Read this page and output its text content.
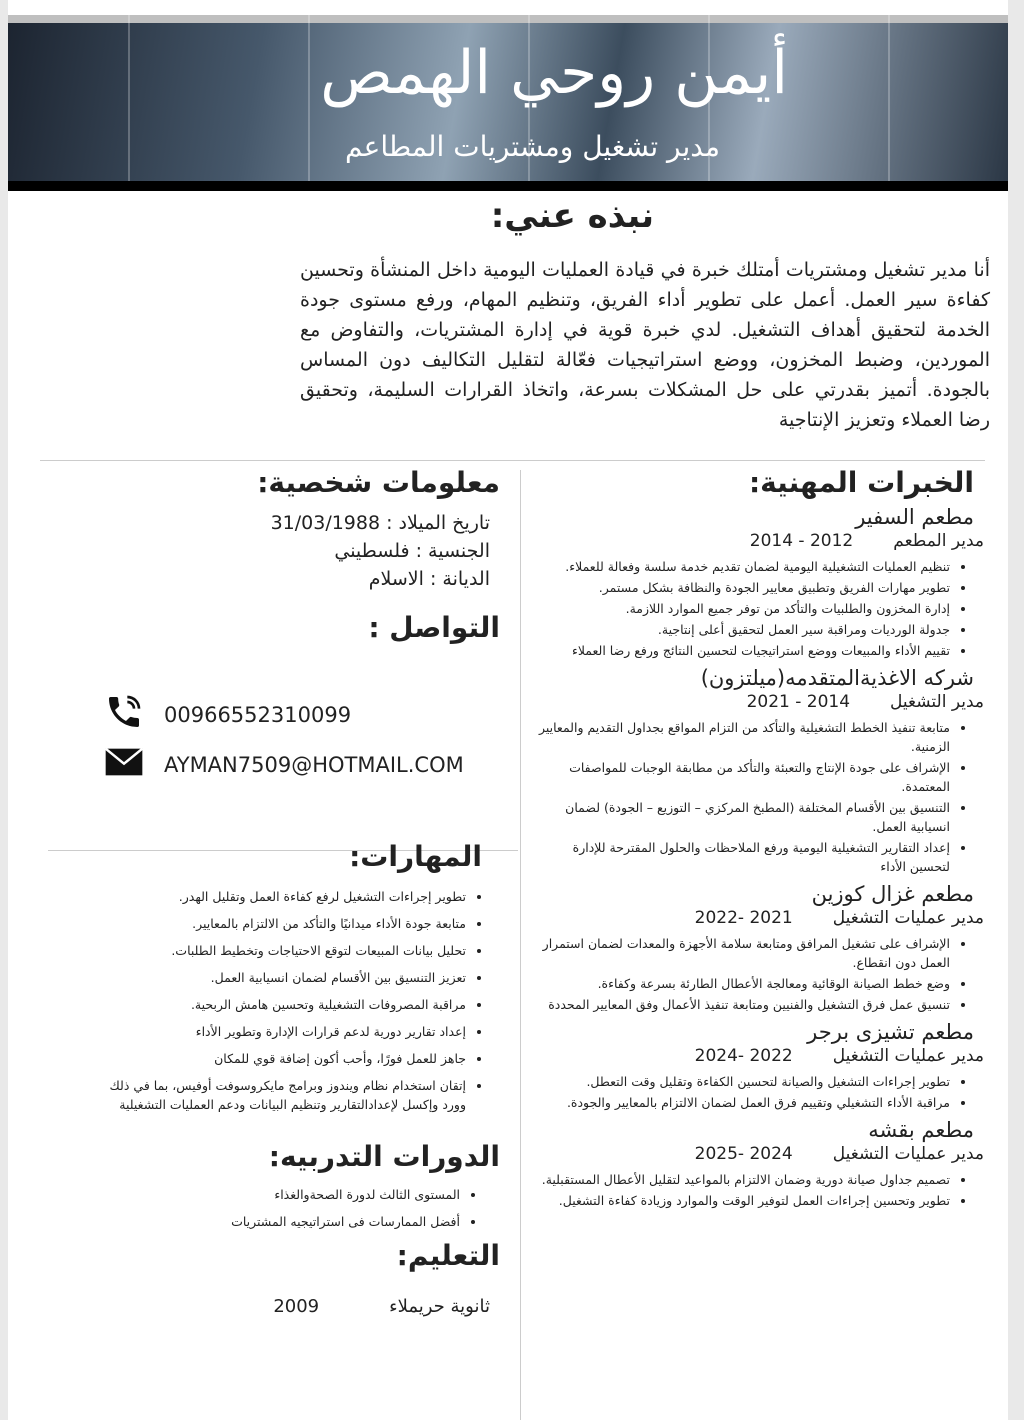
أيمن روحي الهمص
مدير تشغيل ومشتريات المطاعم
نبذه عني:
أنا مدير تشغيل ومشتريات أمتلك خبرة في قيادة العمليات اليومية داخل المنشأة وتحسين كفاءة سير العمل. أعمل على تطوير أداء الفريق، وتنظيم المهام، ورفع مستوى جودة الخدمة لتحقيق أهداف التشغيل. لدي خبرة قوية في إدارة المشتريات، والتفاوض مع الموردين، وضبط المخزون، ووضع استراتيجيات فعّالة لتقليل التكاليف دون المساس بالجودة. أتميز بقدرتي على حل المشكلات بسرعة، واتخاذ القرارات السليمة، وتحقيق رضا العملاء وتعزيز الإنتاجية
الخبرات المهنية:
مطعم السفير
مدير المطعم
2012 - 2014
• تنظيم العمليات التشغيلية اليومية لضمان تقديم خدمة سلسة وفعالة للعملاء.
• تطوير مهارات الفريق وتطبيق معايير الجودة والنظافة بشكل مستمر.
• إدارة المخزون والطلبيات والتأكد من توفر جميع الموارد اللازمة.
• جدولة الورديات ومراقبة سير العمل لتحقيق أعلى إنتاجية.
• تقييم الأداء والمبيعات ووضع استراتيجيات لتحسين النتائج ورفع رضا العملاء
شركه الاغذيةالمتقدمه(ميلتزون)
مدير التشغيل
2014 - 2021
• متابعة تنفيذ الخطط التشغيلية والتأكد من التزام المواقع بجداول التقديم والمعايير الزمنية.
• الإشراف على جودة الإنتاج والتعبئة والتأكد من مطابقة الوجبات للمواصفات المعتمدة.
• التنسيق بين الأقسام المختلفة (المطبخ المركزي – التوزيع – الجودة) لضمان انسيابية العمل.
• إعداد التقارير التشغيلية اليومية ورفع الملاحظات والحلول المقترحة للإدارة لتحسين الأداء
مطعم غزال كوزين
مدير عمليات التشغيل
2021 -2022
• الإشراف على تشغيل المرافق ومتابعة سلامة الأجهزة والمعدات لضمان استمرار العمل دون انقطاع.
• وضع خطط الصيانة الوقائية ومعالجة الأعطال الطارئة بسرعة وكفاءة.
• تنسيق عمل فرق التشغيل والفنيين ومتابعة تنفيذ الأعمال وفق المعايير المحددة
مطعم تشيزى برجر
مدير عمليات التشغيل
2022 -2024
• تطوير إجراءات التشغيل والصيانة لتحسين الكفاءة وتقليل وقت التعطل.
• مراقبة الأداء التشغيلي وتقييم فرق العمل لضمان الالتزام بالمعايير والجودة.
مطعم بقشه
مدير عمليات التشغيل
2024 -2025
• تصميم جداول صيانة دورية وضمان الالتزام بالمواعيد لتقليل الأعطال المستقبلية.
• تطوير وتحسين إجراءات العمل لتوفير الوقت والموارد وزيادة كفاءة التشغيل.
معلومات شخصية:
تاريخ الميلاد : 31/03/1988
الجنسية : فلسطيني
الديانة : الاسلام
التواصل :
00966552310099
AYMAN7509@HOTMAIL.COM
المهارات:
• تطوير إجراءات التشغيل لرفع كفاءة العمل وتقليل الهدر.
• متابعة جودة الأداء ميدانيًا والتأكد من الالتزام بالمعايير.
• تحليل بيانات المبيعات لتوقع الاحتياجات وتخطيط الطلبات.
• تعزيز التنسيق بين الأقسام لضمان انسيابية العمل.
• مراقبة المصروفات التشغيلية وتحسين هامش الربحية.
• إعداد تقارير دورية لدعم قرارات الإدارة وتطوير الأداء
• جاهز للعمل فورًا، وأحب أكون إضافة قوي للمكان
• إتقان استخدام نظام ويندوز وبرامج مايكروسوفت أوفيس، بما في ذلك وورد وإكسل لإعدادالتقارير وتنظيم البيانات ودعم العمليات التشغيلية
الدورات التدربيه:
• المستوى الثالث لدورة الصحةوالغذاء
• أفضل الممارسات فى استراتيجيه المشتريات
التعليم:
ثانوية حريملاء
2009
